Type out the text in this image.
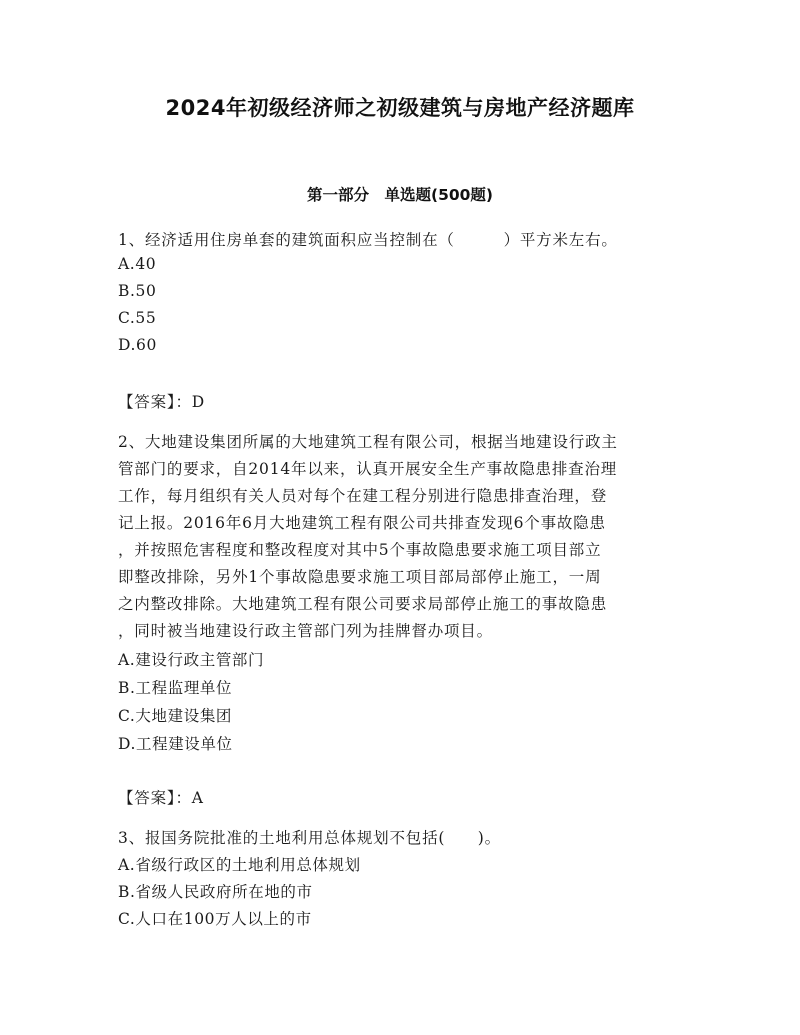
2024年初级经济师之初级建筑与房地产经济题库
第一部分　单选题(500题)
1、经济适用住房单套的建筑面积应当控制在（　　　）平方米左右。
A.40
B.50
C.55
D.60
【答案】：D
2、大地建设集团所属的大地建筑工程有限公司，根据当地建设行政主
管部门的要求，自2014年以来，认真开展安全生产事故隐患排查治理
工作，每月组织有关人员对每个在建工程分别进行隐患排查治理，登
记上报。2016年6月大地建筑工程有限公司共排查发现6个事故隐患
，并按照危害程度和整改程度对其中5个事故隐患要求施工项目部立
即整改排除，另外1个事故隐患要求施工项目部局部停止施工，一周
之内整改排除。大地建筑工程有限公司要求局部停止施工的事故隐患
，同时被当地建设行政主管部门列为挂牌督办项目。
A.建设行政主管部门
B.工程监理单位
C.大地建设集团
D.工程建设单位
【答案】：A
3、报国务院批准的土地利用总体规划不包括(　　)。
A.省级行政区的土地利用总体规划
B.省级人民政府所在地的市
C.人口在100万人以上的市
